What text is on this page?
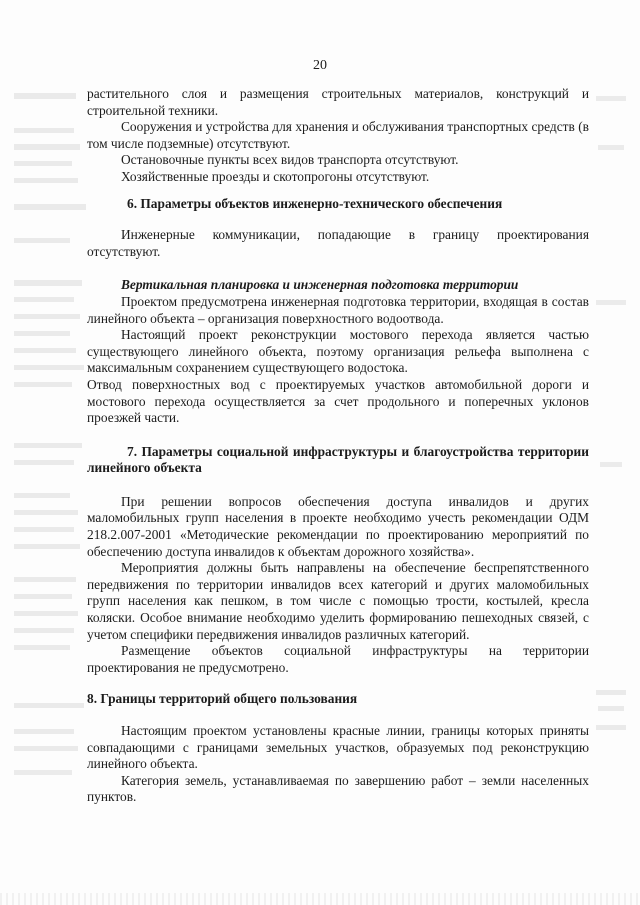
20

растительного слоя и размещения строительных материалов, конструкций и строительной техники.

Сооружения и устройства для хранения и обслуживания транспортных средств (в том числе подземные) отсутствуют.

Остановочные пункты всех видов транспорта отсутствуют.

Хозяйственные проезды и скотопрогоны отсутствуют.

6. Параметры объектов инженерно-технического обеспечения

Инженерные коммуникации, попадающие в границу проектирования отсутствуют.

Вертикальная планировка и инженерная подготовка территории

Проектом предусмотрена инженерная подготовка территории, входящая в состав линейного объекта – организация поверхностного водоотвода.

Настоящий проект реконструкции мостового перехода является частью существующего линейного объекта, поэтому организация рельефа выполнена с максимальным сохранением существующего водостока.

Отвод поверхностных вод с проектируемых участков автомобильной дороги и мостового перехода осуществляется за счет продольного и поперечных уклонов проезжей части.

7. Параметры социальной инфраструктуры и благоустройства территории линейного объекта

При решении вопросов обеспечения доступа инвалидов и других маломобильных групп населения в проекте необходимо учесть рекомендации ОДМ 218.2.007-2001 «Методические рекомендации по проектированию мероприятий по обеспечению доступа инвалидов к объектам дорожного хозяйства».

Мероприятия должны быть направлены на обеспечение беспрепятственного передвижения по территории инвалидов всех категорий и других маломобильных групп населения как пешком, в том числе с помощью трости, костылей, кресла коляски. Особое внимание необходимо уделить формированию пешеходных связей, с учетом специфики передвижения инвалидов различных категорий.

Размещение объектов социальной инфраструктуры на территории проектирования не предусмотрено.

8. Границы территорий общего пользования

Настоящим проектом установлены красные линии, границы которых приняты совпадающими с границами земельных участков, образуемых под реконструкцию линейного объекта.

Категория земель, устанавливаемая по завершению работ – земли населенных пунктов.
